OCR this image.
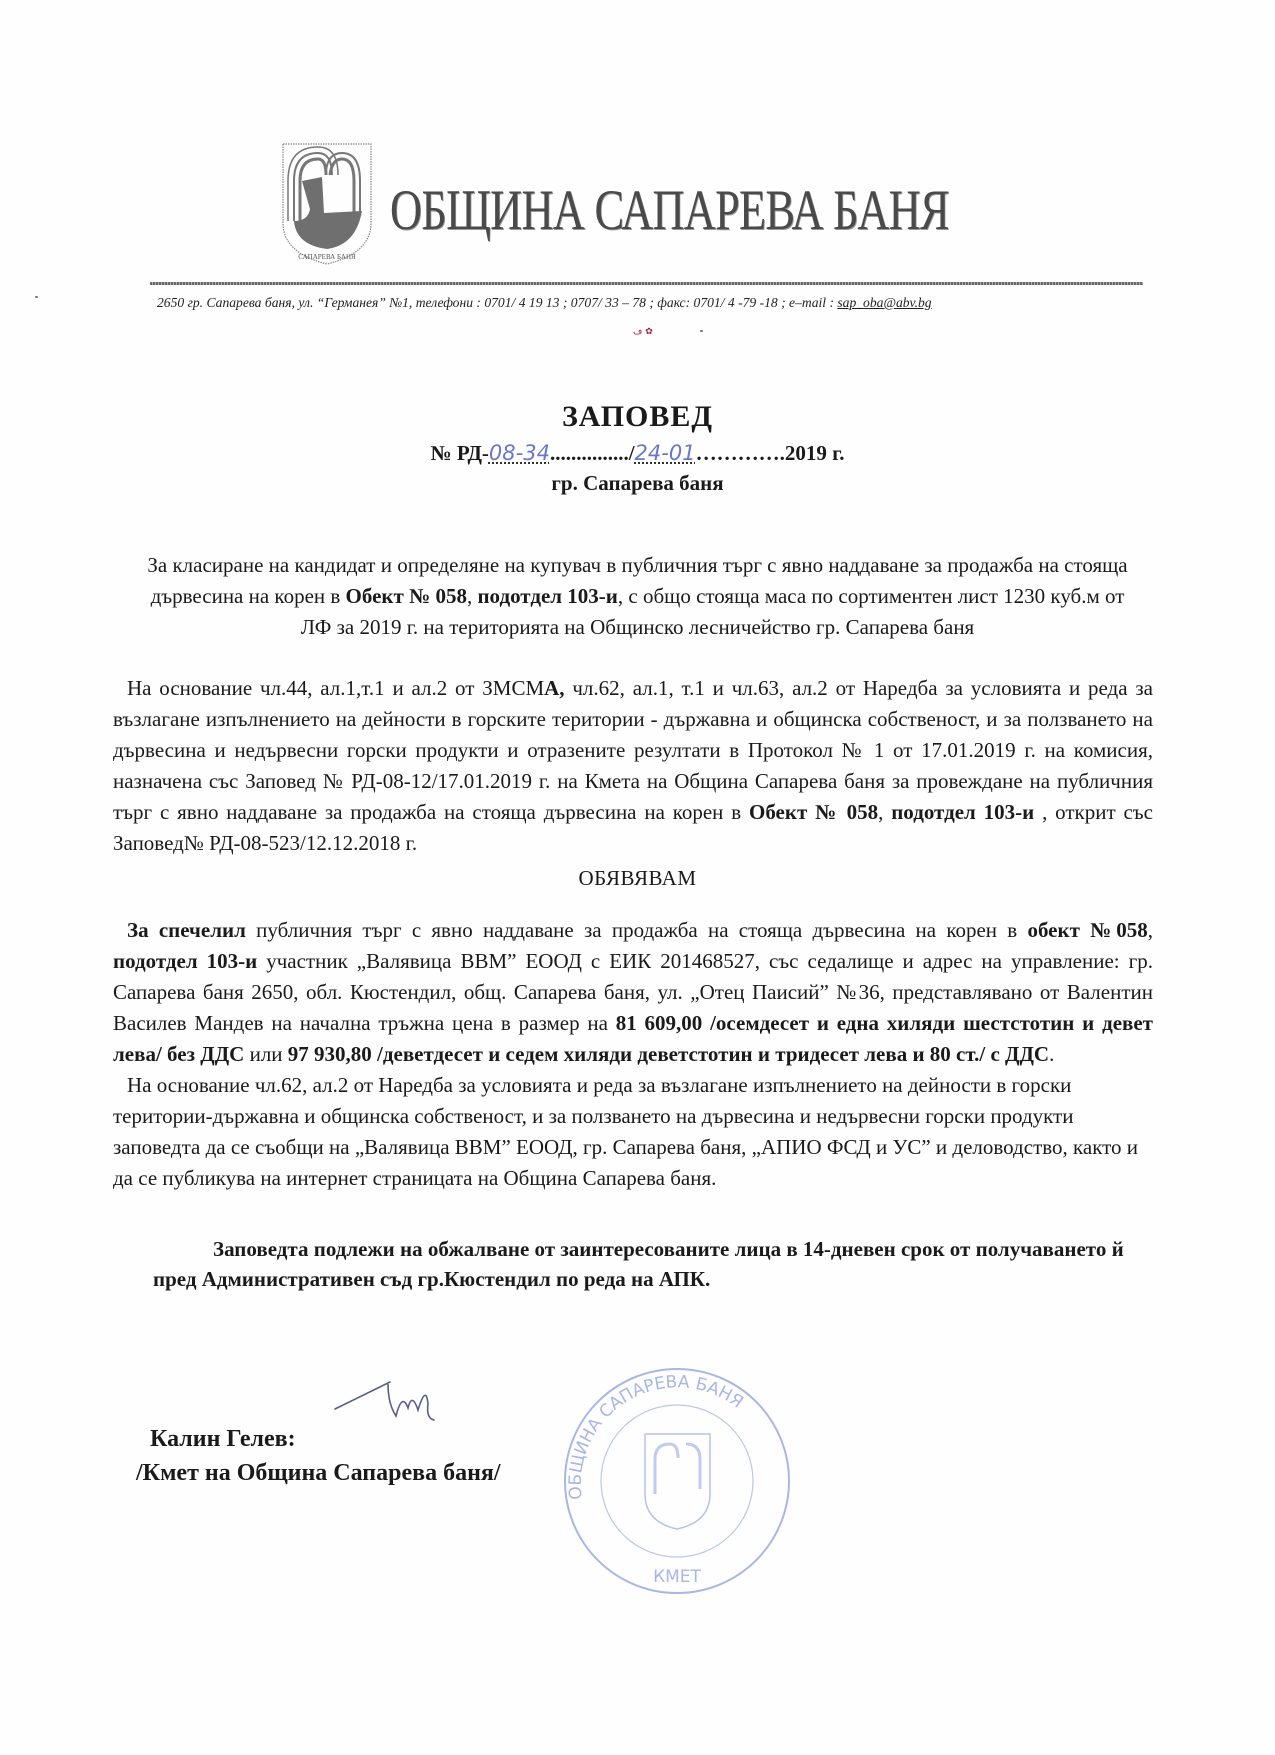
САПАРЕВА БАНЯ
ОБЩИНА САПАРЕВА БАНЯ
2650 гр. Сапарева баня, ул. “Германея” №1, телефони : 0701/ 4 19 13 ; 0707/ 33 – 78 ; факс: 0701/ 4 -79 -18 ; e–mail : sap_oba@abv.bg
ڡ ✿
ЗАПОВЕД
№ РД-08-34.............../24-01………….2019 г.
гр. Сапарева баня

За класиране на кандидат и определяне на купувач в публичния търг с явно наддаване за продажба на стояща дървесина на корен в Обект № 058, подотдел 103-и, с общо стояща маса по сортиментен лист 1230 куб.м от ЛФ за 2019 г. на територията на Общинско лесничейство гр. Сапарева баня

На основание чл.44, ал.1,т.1 и ал.2 от ЗМСМА, чл.62, ал.1, т.1 и чл.63, ал.2 от Наредба за условията и реда за възлагане изпълнението на дейности в горските територии - държавна и общинска собственост, и за ползването на дървесина и недървесни горски продукти и отразените резултати в Протокол № 1 от 17.01.2019 г. на комисия, назначена със Заповед № РД-08-12/17.01.2019 г. на Кмета на Община Сапарева баня за провеждане на публичния търг с явно наддаване за продажба на стояща дървесина на корен в Обект № 058, подотдел 103-и , открит със Заповед№ РД-08-523/12.12.2018 г.

ОБЯВЯВАМ

За спечелил публичния търг с явно наддаване за продажба на стояща дървесина на корен в обект №058, подотдел 103-и участник „Валявица ВВМ” ЕООД с ЕИК 201468527, със седалище и адрес на управление: гр. Сапарева баня 2650, обл. Кюстендил, общ. Сапарева баня, ул. „Отец Паисий” №36, представлявано от Валентин Василев Мандев на начална тръжна цена в размер на 81 609,00 /осемдесет и една хиляди шестстотин и девет лева/ без ДДС или 97 930,80 /деветдесет и седем хиляди деветстотин и тридесет лева и 80 ст./ с ДДС.

На основание чл.62, ал.2 от Наредба за условията и реда за възлагане изпълнението на дейности в горски територии-държавна и общинска собственост, и за ползването на дървесина и недървесни горски продукти заповедта да се съобщи на „Валявица ВВМ” ЕООД, гр. Сапарева баня, „АПИО ФСД и УС” и деловодство, както и да се публикува на интернет страницата на Община Сапарева баня.

Заповедта подлежи на обжалване от заинтересованите лица в 14-дневен срок от получаването й пред Административен съд гр.Кюстендил по реда на АПК.

ОБЩИНА САПАРЕВА БАНЯ
КМЕТ
Калин Гелев:
/Кмет на Община Сапарева баня/
